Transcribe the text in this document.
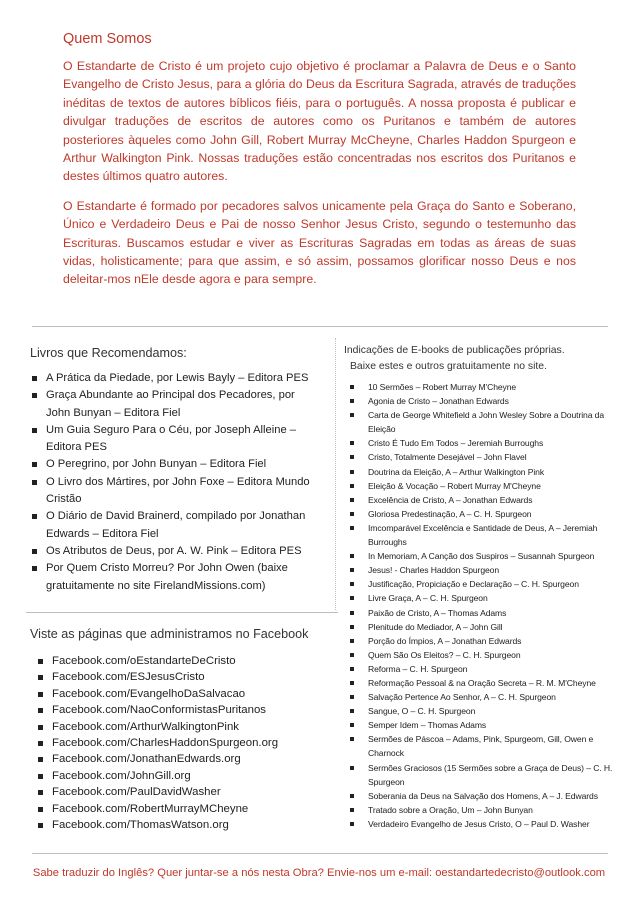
Quem Somos

O Estandarte de Cristo é um projeto cujo objetivo é proclamar a Palavra de Deus e o Santo Evangelho de Cristo Jesus, para a glória do Deus da Escritura Sagrada, através de traduções inéditas de textos de autores bíblicos fiéis, para o português. A nossa proposta é publicar e divulgar traduções de escritos de autores como os Puritanos e também de autores posteriores àqueles como John Gill, Robert Murray McCheyne, Charles Haddon Spurgeon e Arthur Walkington Pink. Nossas traduções estão concentradas nos escritos dos Puritanos e destes últimos quatro autores.

O Estandarte é formado por pecadores salvos unicamente pela Graça do Santo e Soberano, Único e Verdadeiro Deus e Pai de nosso Senhor Jesus Cristo, segundo o testemunho das Escrituras. Buscamos estudar e viver as Escrituras Sagradas em todas as áreas de suas vidas, holisticamente; para que assim, e só assim, possamos glorificar nosso Deus e nos deleitar-mos nEle desde agora e para sempre.

Livros que Recomendamos:
A Prática da Piedade, por Lewis Bayly – Editora PES
Graça Abundante ao Principal dos Pecadores, por John Bunyan – Editora Fiel
Um Guia Seguro Para o Céu, por Joseph Alleine – Editora PES
O Peregrino, por John Bunyan – Editora Fiel
O Livro dos Mártires, por John Foxe – Editora Mundo Cristão
O Diário de David Brainerd, compilado por Jonathan Edwards – Editora Fiel
Os Atributos de Deus, por A. W. Pink – Editora PES
Por Quem Cristo Morreu? Por John Owen (baixe gratuitamente no site FirelandMissions.com)
Viste as páginas que administramos no Facebook
Facebook.com/oEstandarteDeCristo
Facebook.com/ESJesusCristo
Facebook.com/EvangelhoDaSalvacao
Facebook.com/NaoConformistasPuritanos
Facebook.com/ArthurWalkingtonPink
Facebook.com/CharlesHaddonSpurgeon.org
Facebook.com/JonathanEdwards.org
Facebook.com/JohnGill.org
Facebook.com/PaulDavidWasher
Facebook.com/RobertMurrayMCheyne
Facebook.com/ThomasWatson.org
Indicações de E-books de publicações próprias.
Baixe estes e outros gratuitamente no site.
10 Sermões – Robert Murray M'Cheyne
Agonia de Cristo – Jonathan Edwards
Carta de George Whitefield a John Wesley Sobre a Doutrina da Eleição
Cristo É Tudo Em Todos – Jeremiah Burroughs
Cristo, Totalmente Desejável – John Flavel
Doutrina da Eleição, A – Arthur Walkington Pink
Eleição & Vocação – Robert Murray M'Cheyne
Excelência de Cristo, A – Jonathan Edwards
Gloriosa Predestinação, A – C. H. Spurgeon
Imcomparável Excelência e Santidade de Deus, A – Jeremiah Burroughs
In Memoriam, A Canção dos Suspiros – Susannah Spurgeon
Jesus! - Charles Haddon Spurgeon
Justificação, Propiciação e Declaração – C. H. Spurgeon
Livre Graça, A – C. H. Spurgeon
Paixão de Cristo, A – Thomas Adams
Plenitude do Mediador, A – John Gill
Porção do Ímpios, A – Jonathan Edwards
Quem São Os Eleitos? – C. H. Spurgeon
Reforma – C. H. Spurgeon
Reformação Pessoal & na Oração Secreta – R. M. M'Cheyne
Salvação Pertence Ao Senhor, A – C. H. Spurgeon
Sangue, O – C. H. Spurgeon
Semper Idem – Thomas Adams
Sermões de Páscoa – Adams, Pink, Spurgeom, Gill, Owen e Charnock
Sermões Graciosos (15 Sermões sobre a Graça de Deus) – C. H. Spurgeon
Soberania da Deus na Salvação dos Homens, A – J. Edwards
Tratado sobre a Oração, Um – John Bunyan
Verdadeiro Evangelho de Jesus Cristo, O – Paul D. Washer
Sabe traduzir do Inglês? Quer juntar-se a nós nesta Obra? Envie-nos um e-mail: oestandartedecristo@outlook.com
